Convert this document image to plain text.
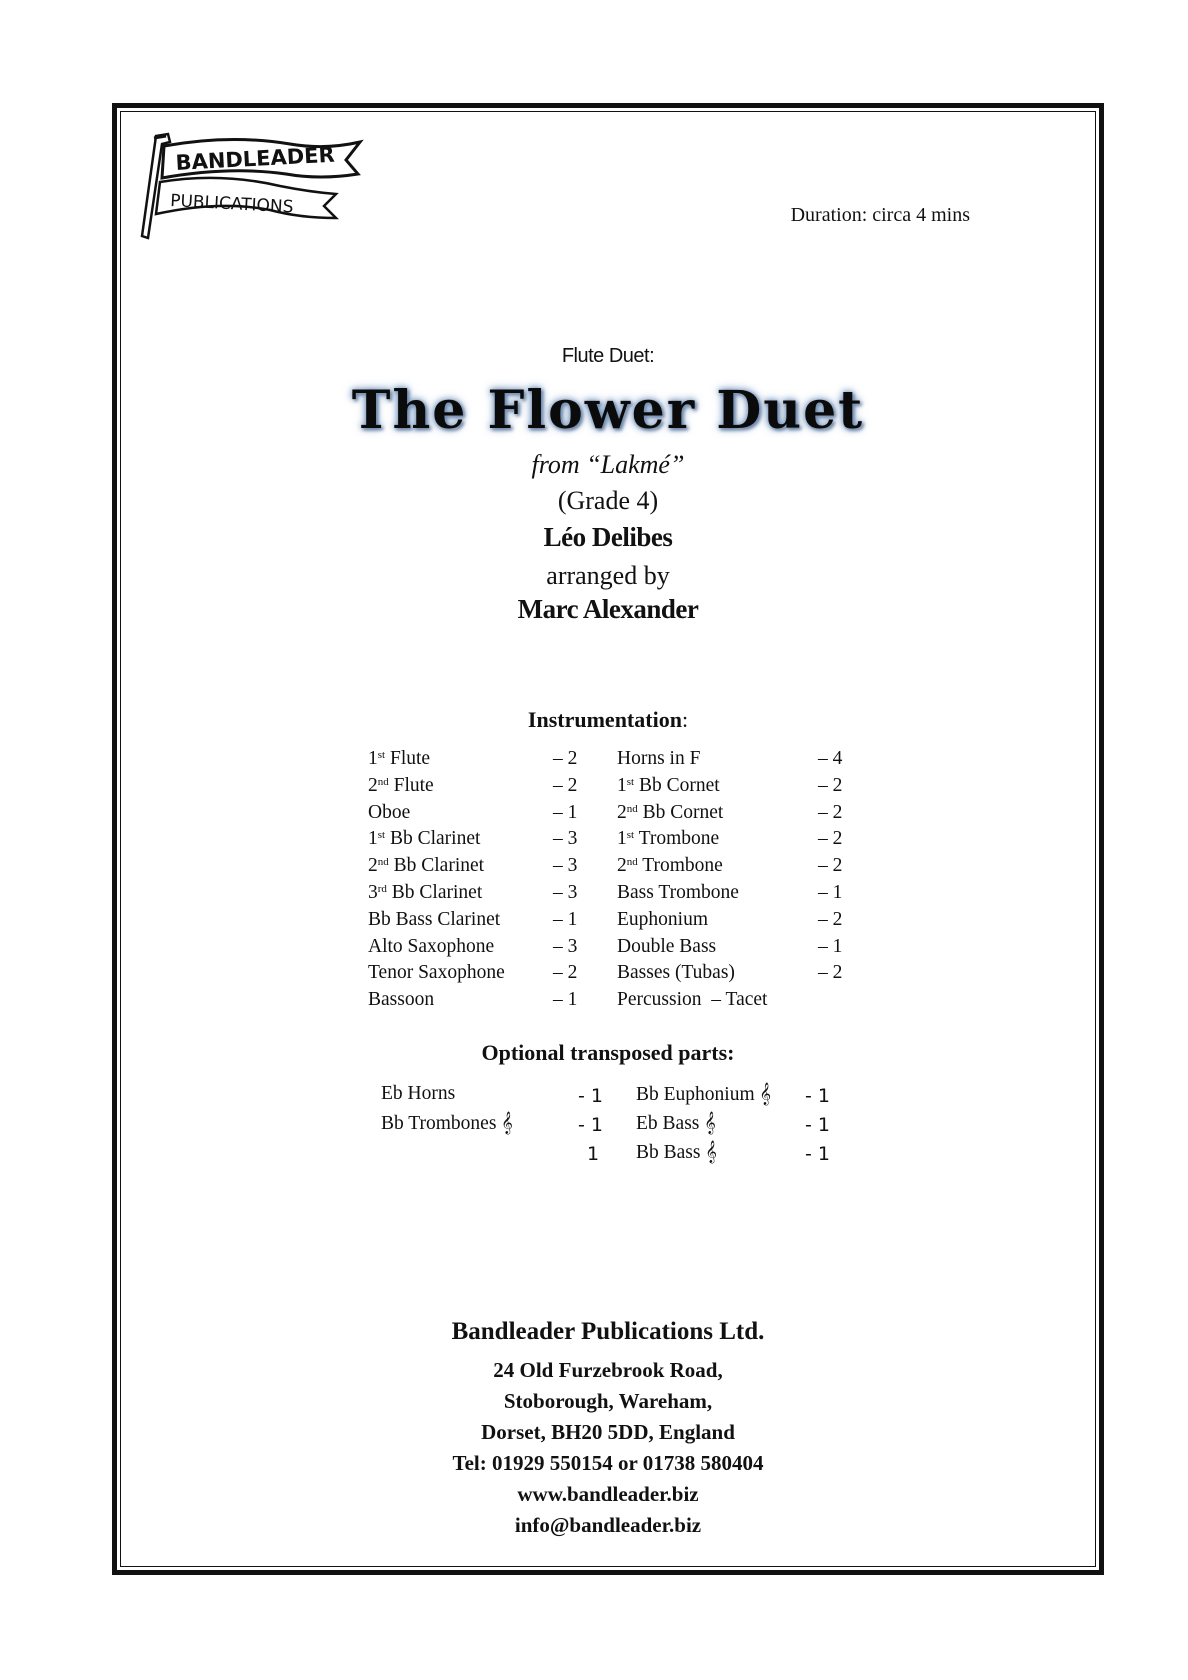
BANDLEADER
PUBLICATIONS	Duration: circa 4 mins
Flute Duet:
The Flower Duet
from “Lakmé”
(Grade 4)
Léo Delibes
arranged by
Marc Alexander
Instrumentation:
1st Flute	– 2
2nd Flute	– 2
Oboe	– 1
1st Bb Clarinet	– 3
2nd Bb Clarinet	– 3
3rd Bb Clarinet	– 3
Bb Bass Clarinet	– 1
Alto Saxophone	– 3
Tenor Saxophone – 2
Bassoon	– 1
Horns in F	– 4
1st Bb Cornet	– 2
2nd Bb Cornet	– 2
1st Trombone	– 2
2nd Trombone	– 2
Bass Trombone	– 1
Euphonium	– 2
Double Bass	– 1
Basses (Tubas)	– 2
Percussion  – Tacet
Optional transposed parts:
Eb Horns	- 1
Bb Trombones 𝄞	- 1
1
Bb Euphonium 𝄞 - 1
Eb Bass 𝄞	- 1
Bb Bass 𝄞	- 1
Bandleader Publications Ltd.
24 Old Furzebrook Road,
Stoborough, Wareham,
Dorset, BH20 5DD, England
Tel: 01929 550154 or 01738 580404
www.bandleader.biz
info@bandleader.biz
